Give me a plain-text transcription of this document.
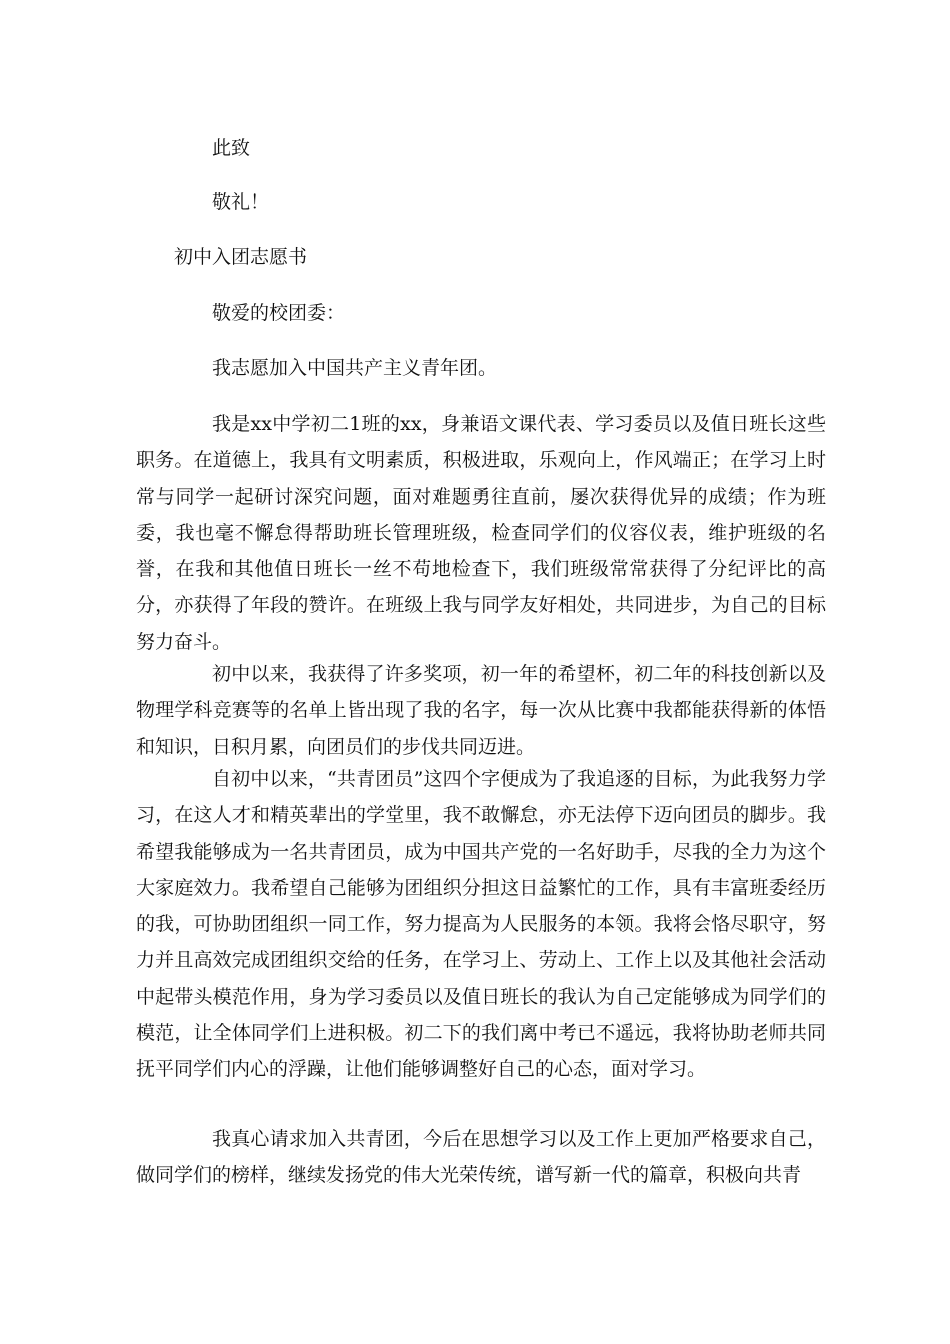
此致
敬礼！
初中入团志愿书
敬爱的校团委：
我志愿加入中国共产主义青年团。

我是xx中学初二1班的xx，身兼语文课代表、学习委员以及值日班长这些职务。在道德上，我具有文明素质，积极进取，乐观向上，作风端正；在学习上时常与同学一起研讨深究问题，面对难题勇往直前，屡次获得优异的成绩；作为班委，我也毫不懈怠得帮助班长管理班级，检查同学们的仪容仪表，维护班级的名誉，在我和其他值日班长一丝不苟地检查下，我们班级常常获得了分纪评比的高分，亦获得了年段的赞许。在班级上我与同学友好相处，共同进步，为自己的目标努力奋斗。

初中以来，我获得了许多奖项，初一年的希望杯，初二年的科技创新以及物理学科竞赛等的名单上皆出现了我的名字，每一次从比赛中我都能获得新的体悟和知识，日积月累，向团员们的步伐共同迈进。

自初中以来，“共青团员”这四个字便成为了我追逐的目标，为此我努力学习，在这人才和精英辈出的学堂里，我不敢懈怠，亦无法停下迈向团员的脚步。我希望我能够成为一名共青团员，成为中国共产党的一名好助手，尽我的全力为这个大家庭效力。我希望自己能够为团组织分担这日益繁忙的工作，具有丰富班委经历的我，可协助团组织一同工作，努力提高为人民服务的本领。我将会恪尽职守，努力并且高效完成团组织交给的任务，在学习上、劳动上、工作上以及其他社会活动中起带头模范作用，身为学习委员以及值日班长的我认为自己定能够成为同学们的模范，让全体同学们上进积极。初二下的我们离中考已不遥远，我将协助老师共同抚平同学们内心的浮躁，让他们能够调整好自己的心态，面对学习。

我真心请求加入共青团，今后在思想学习以及工作上更加严格要求自己，做同学们的榜样，继续发扬党的伟大光荣传统，谱写新一代的篇章，积极向共青
